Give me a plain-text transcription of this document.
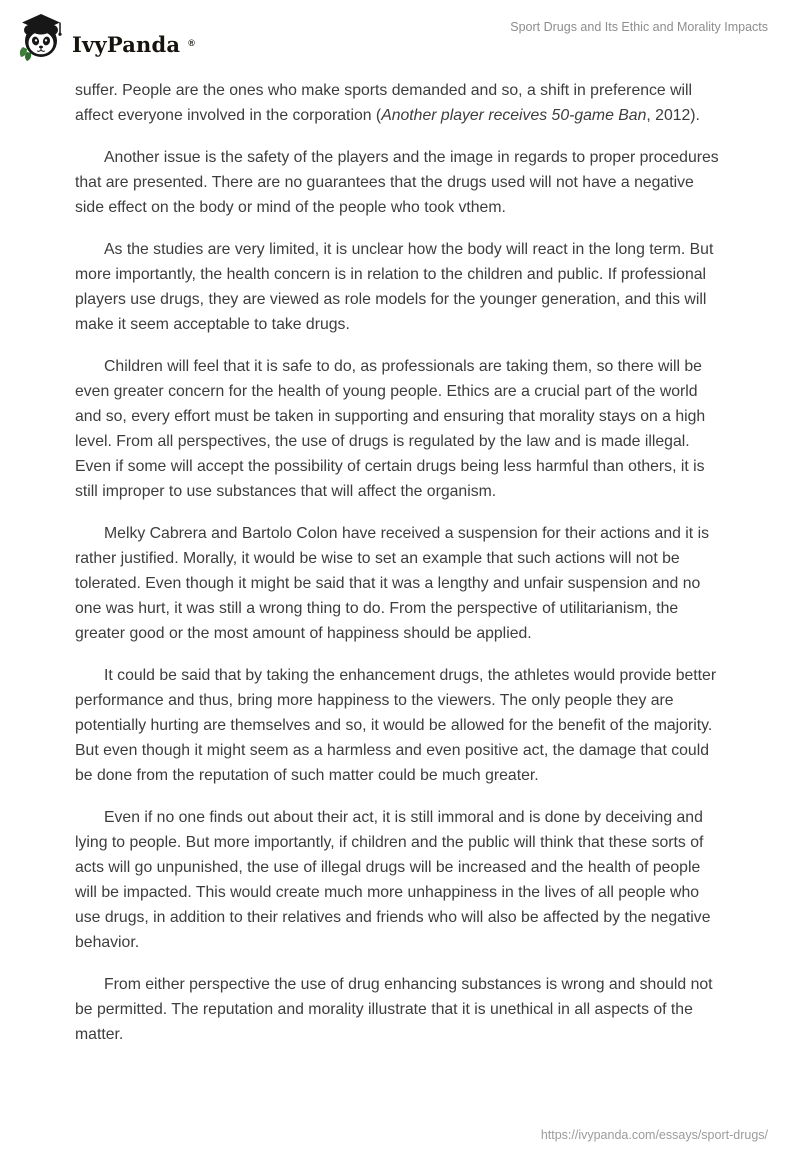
IvyPanda ®
Sport Drugs and Its Ethic and Morality Impacts

suffer. People are the ones who make sports demanded and so, a shift in preference will affect everyone involved in the corporation (Another player receives 50-game Ban, 2012).

Another issue is the safety of the players and the image in regards to proper procedures that are presented. There are no guarantees that the drugs used will not have a negative side effect on the body or mind of the people who took vthem.

As the studies are very limited, it is unclear how the body will react in the long term. But more importantly, the health concern is in relation to the children and public. If professional players use drugs, they are viewed as role models for the younger generation, and this will make it seem acceptable to take drugs.

Children will feel that it is safe to do, as professionals are taking them, so there will be even greater concern for the health of young people. Ethics are a crucial part of the world and so, every effort must be taken in supporting and ensuring that morality stays on a high level. From all perspectives, the use of drugs is regulated by the law and is made illegal. Even if some will accept the possibility of certain drugs being less harmful than others, it is still improper to use substances that will affect the organism.

Melky Cabrera and Bartolo Colon have received a suspension for their actions and it is rather justified. Morally, it would be wise to set an example that such actions will not be tolerated. Even though it might be said that it was a lengthy and unfair suspension and no one was hurt, it was still a wrong thing to do. From the perspective of utilitarianism, the greater good or the most amount of happiness should be applied.

It could be said that by taking the enhancement drugs, the athletes would provide better performance and thus, bring more happiness to the viewers. The only people they are potentially hurting are themselves and so, it would be allowed for the benefit of the majority. But even though it might seem as a harmless and even positive act, the damage that could be done from the reputation of such matter could be much greater.

Even if no one finds out about their act, it is still immoral and is done by deceiving and lying to people. But more importantly, if children and the public will think that these sorts of acts will go unpunished, the use of illegal drugs will be increased and the health of people will be impacted. This would create much more unhappiness in the lives of all people who use drugs, in addition to their relatives and friends who will also be affected by the negative behavior.

From either perspective the use of drug enhancing substances is wrong and should not be permitted. The reputation and morality illustrate that it is unethical in all aspects of the matter.

https://ivypanda.com/essays/sport-drugs/
